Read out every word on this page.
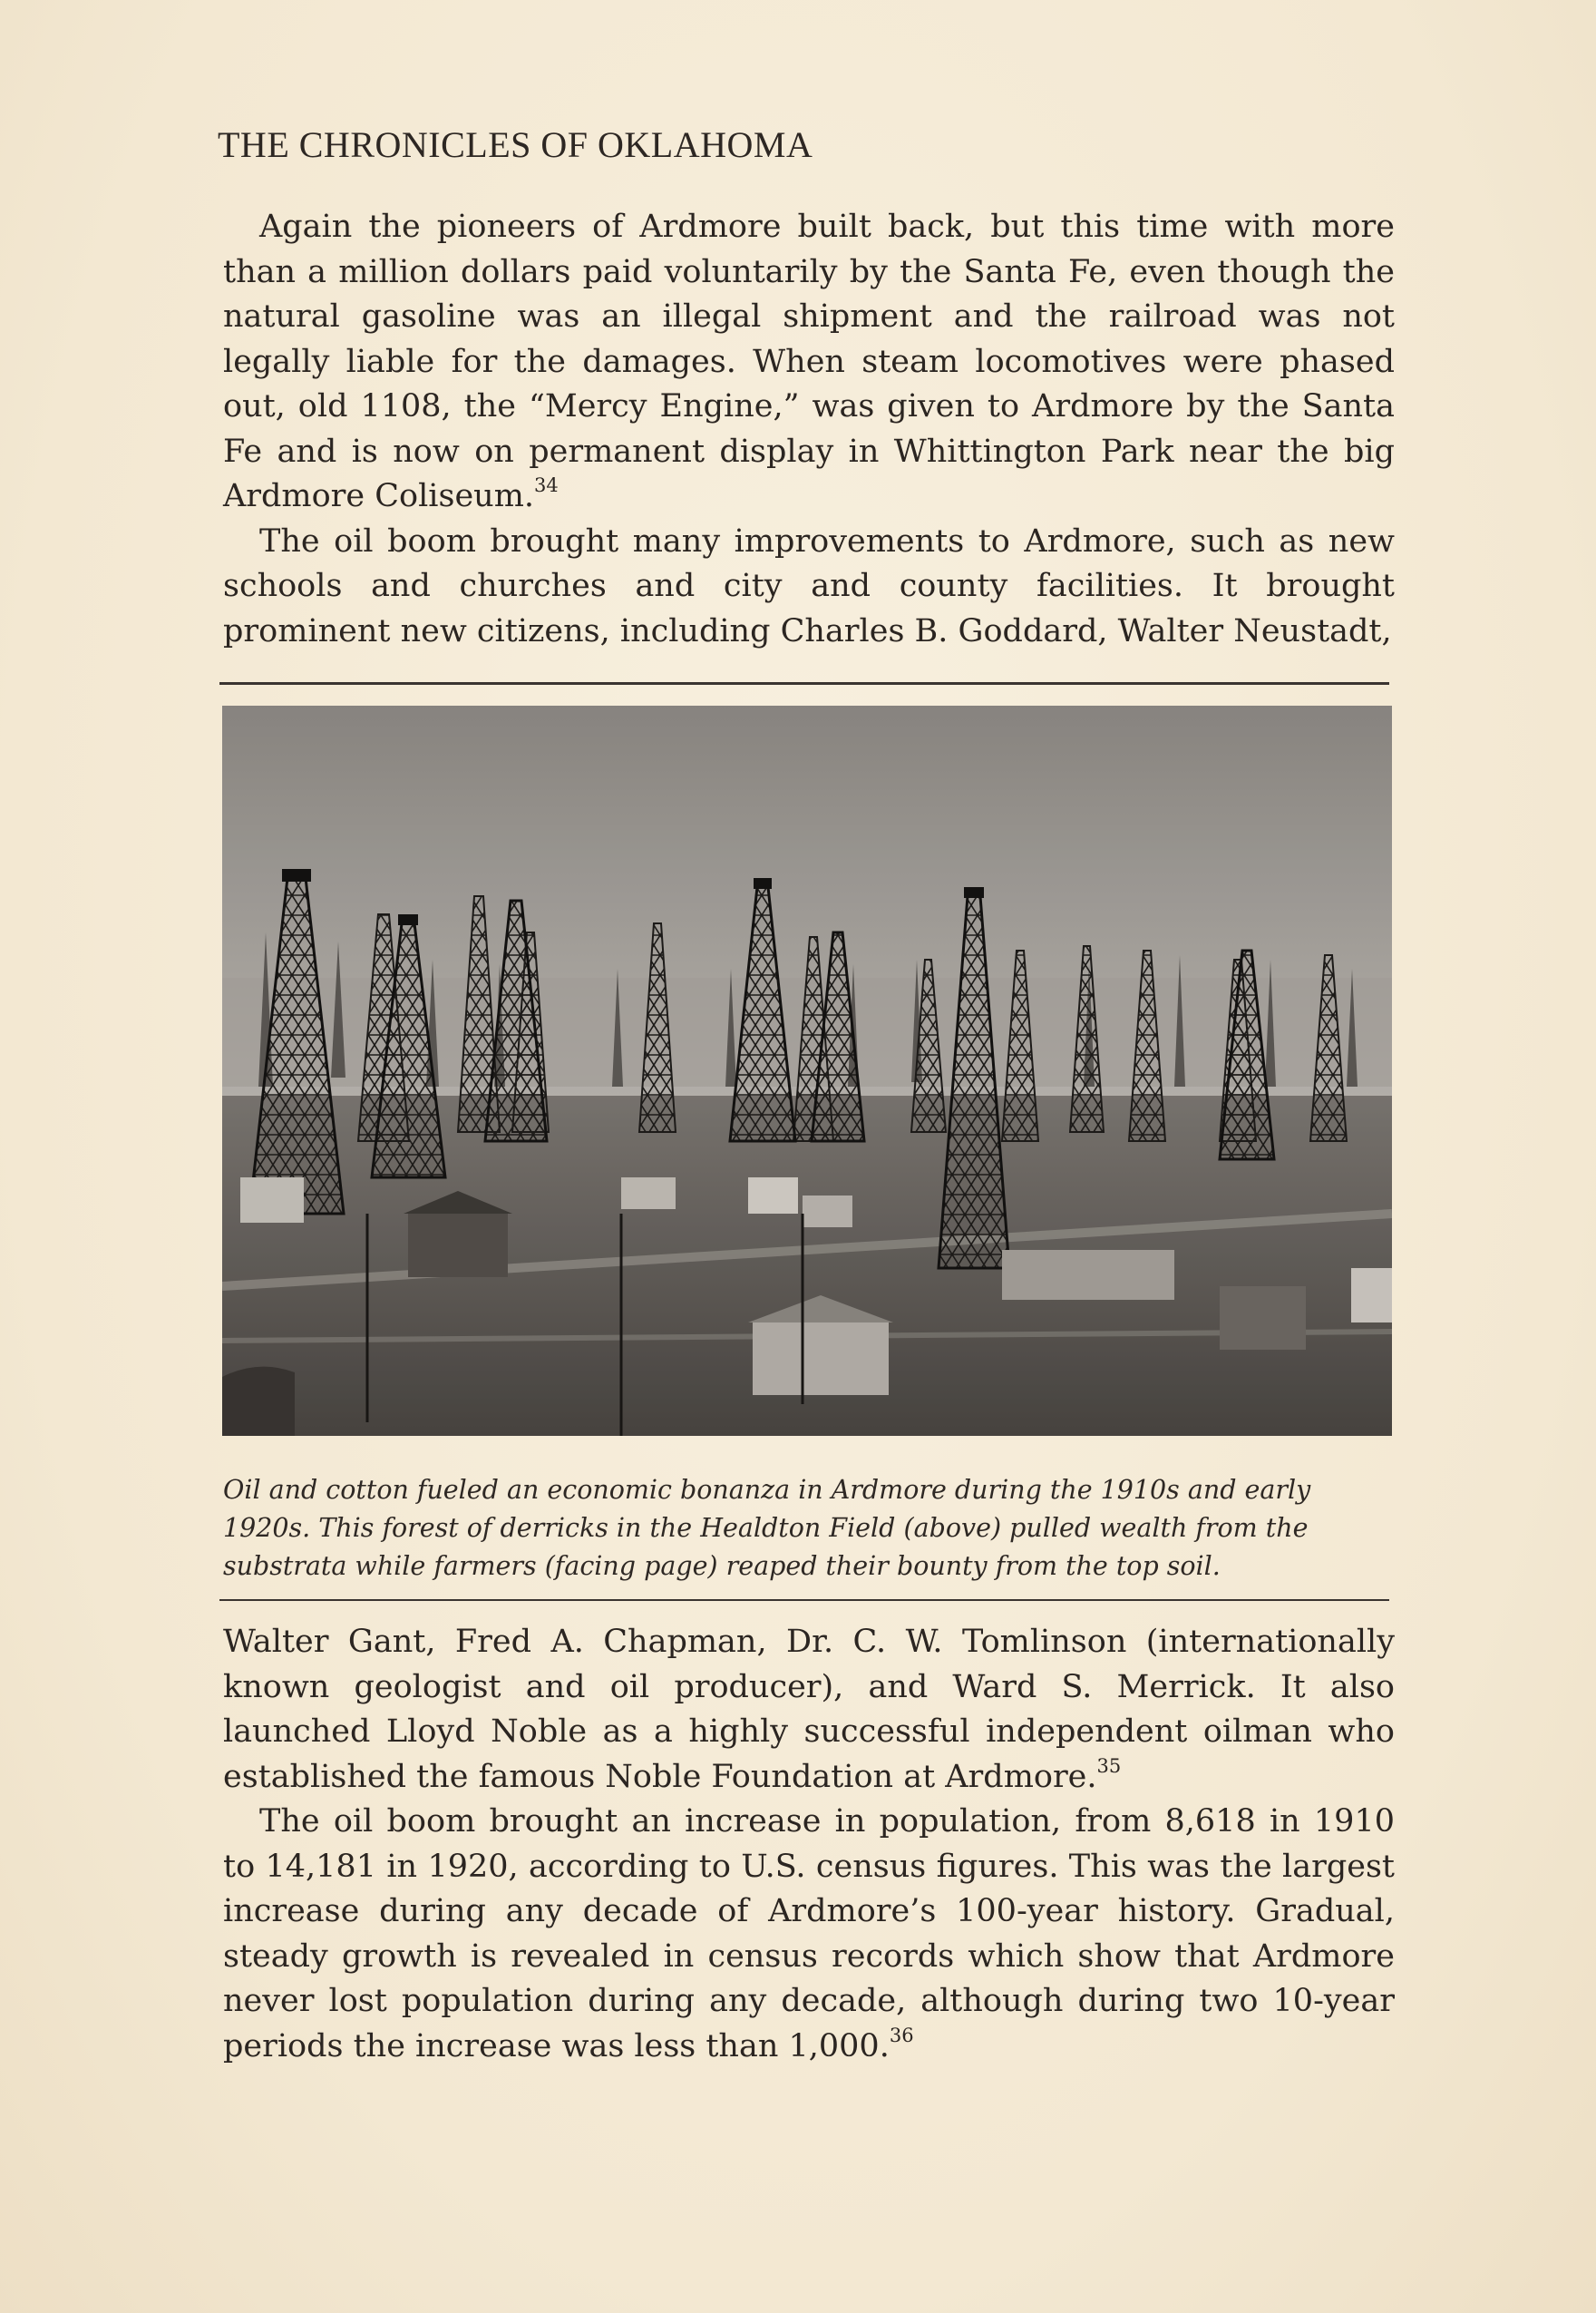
THE CHRONICLES OF OKLAHOMA

Again the pioneers of Ardmore built back, but this time with more than a million dollars paid voluntarily by the Santa Fe, even though the natural gasoline was an illegal shipment and the railroad was not legally liable for the damages. When steam locomotives were phased out, old 1108, the “Mercy Engine,” was given to Ardmore by the Santa Fe and is now on permanent display in Whittington Park near the big Ardmore Coliseum.$^{34}$

The oil boom brought many improvements to Ardmore, such as new schools and churches and city and county facilities. It brought prominent new citizens, including Charles B. Goddard, Walter Neustadt,

Oil and cotton fueled an economic bonanza in Ardmore during the 1910s and early 1920s. This forest of derricks in the Healdton Field (above) pulled wealth from the substrata while farmers (facing page) reaped their bounty from the top soil.

Walter Gant, Fred A. Chapman, Dr. C. W. Tomlinson (internationally known geologist and oil producer), and Ward S. Merrick. It also launched Lloyd Noble as a highly successful independent oilman who established the famous Noble Foundation at Ardmore.$^{35}$

The oil boom brought an increase in population, from 8,618 in 1910 to 14,181 in 1920, according to U.S. census figures. This was the largest increase during any decade of Ardmore’s 100-year history. Gradual, steady growth is revealed in census records which show that Ardmore never lost population during any decade, although during two 10-year periods the increase was less than 1,000.36
